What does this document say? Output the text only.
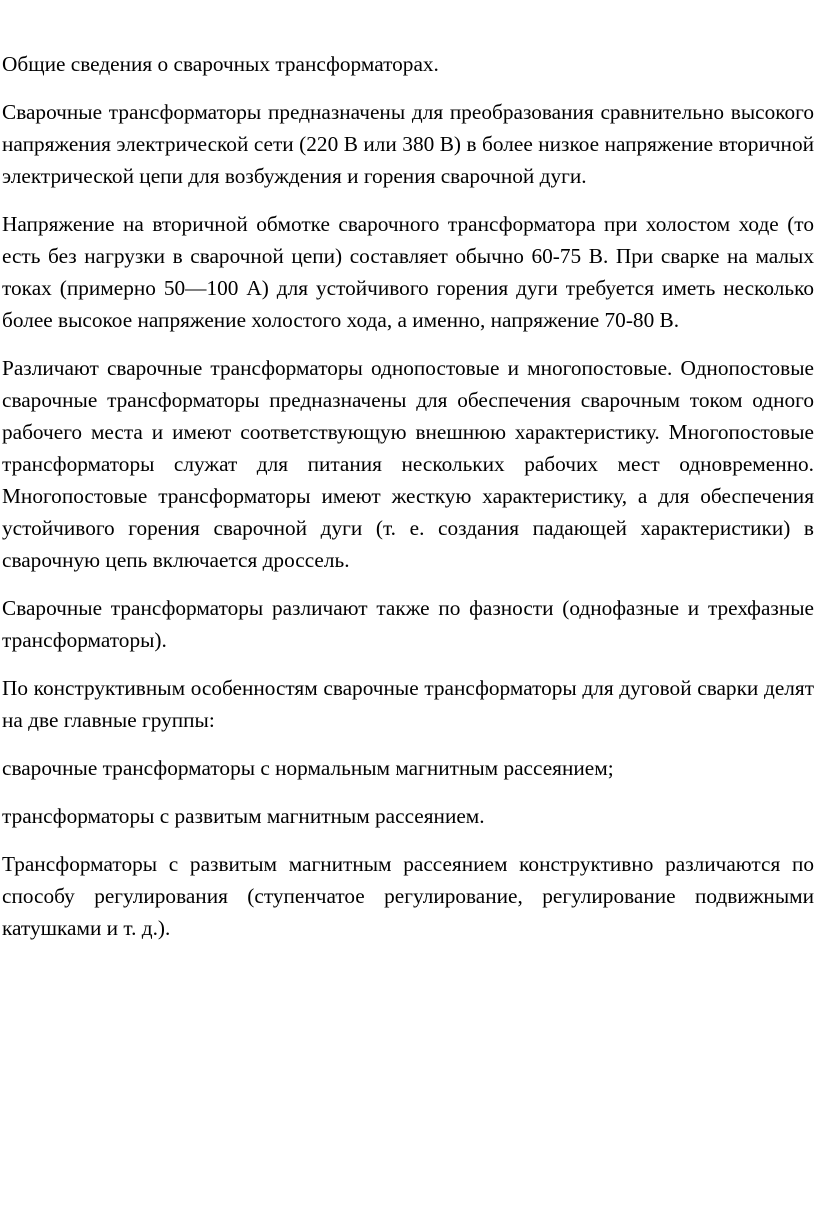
Общие сведения о сварочных трансформаторах.

Сварочные трансформаторы предназначены для преобразования сравнительно высокого напряжения электрической сети (220 В или 380 В) в более низкое напряжение вторичной электрической цепи для возбуждения и горения сварочной дуги.

Напряжение на вторичной обмотке сварочного трансформатора при холостом ходе (то есть без нагрузки в сварочной цепи) составляет обычно 60-75 В. При сварке на малых токах (примерно 50—100 А) для устойчивого горения дуги требуется иметь несколько более высокое напряжение холостого хода, а именно, напряжение 70-80 В.

Различают сварочные трансформаторы однопостовые и многопостовые. Однопостовые сварочные трансформаторы предназначены для обеспечения сварочным током одного рабочего места и имеют соответствующую внешнюю характеристику. Многопостовые трансформаторы служат для питания нескольких рабочих мест одновременно. Многопостовые трансформаторы имеют жесткую характеристику, а для обеспечения устойчивого горения сварочной дуги (т. е. создания падающей характеристики) в сварочную цепь включается дроссель.

Сварочные трансформаторы различают также по фазности (однофазные и трехфазные трансформаторы).

По конструктивным особенностям сварочные трансформаторы для дуговой сварки делят на две главные группы:

сварочные трансформаторы с нормальным магнитным рассеянием;

трансформаторы с развитым магнитным рассеянием.

Трансформаторы с развитым магнитным рассеянием конструктивно различаются по способу регулирования (ступенчатое регулирование, регулирование подвижными катушками и т. д.).
